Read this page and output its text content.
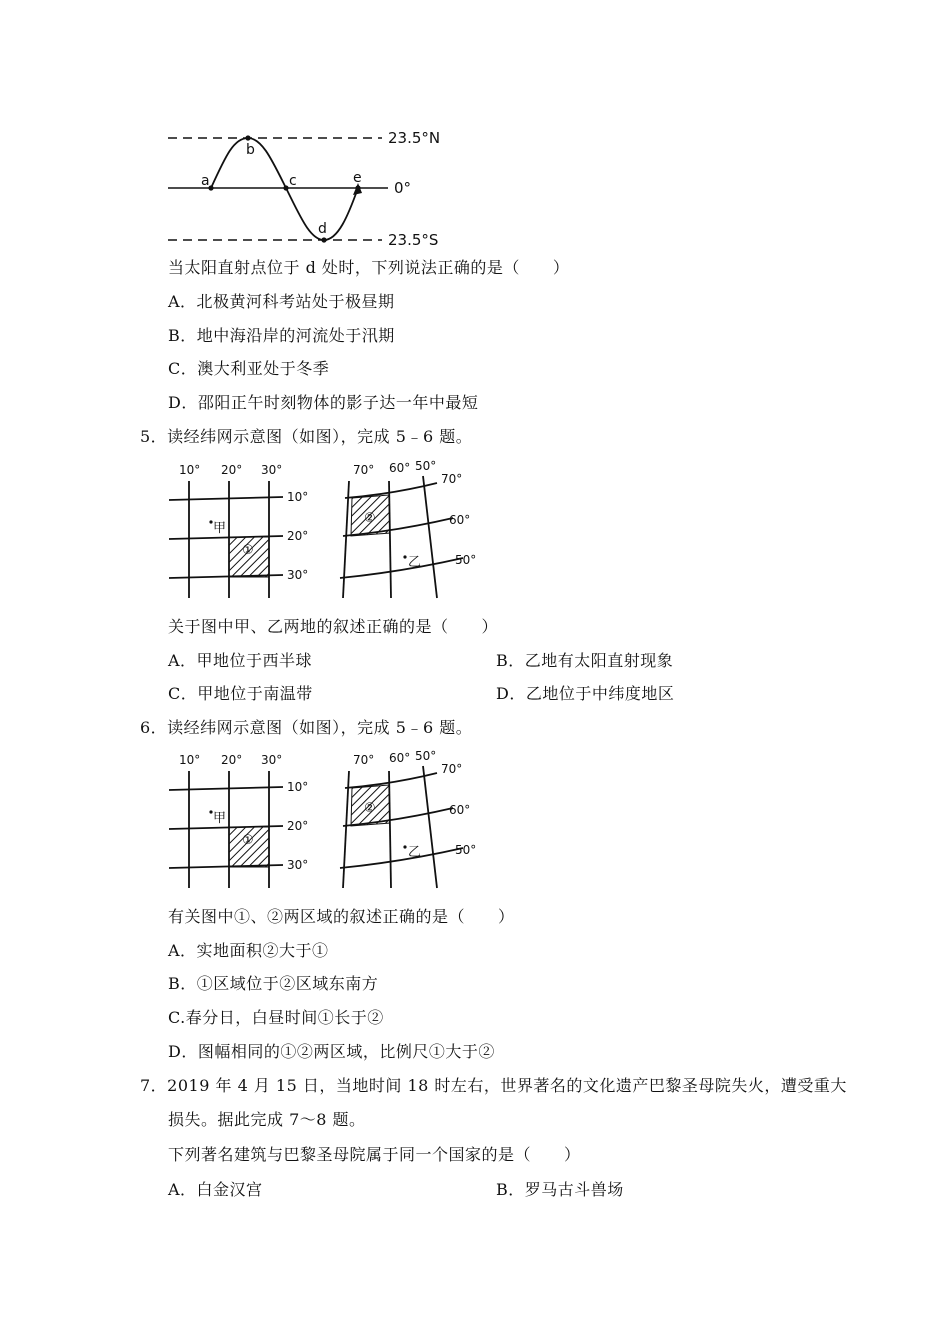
a
b
c
d
e
23.5°N
0°
23.5°S
当太阳直射点位于 d 处时，下列说法正确的是（　　）
A．北极黄河科考站处于极昼期
B．地中海沿岸的河流处于汛期
C．澳大利亚处于冬季
D．邵阳正午时刻物体的影子达一年中最短
5．读经纬网示意图（如图），完成 5﹣6 题。
10° 20° 30°
①
甲
10°
20°
30°
70° 60° 50°
②
乙
70°
60°
50°
关于图中甲、乙两地的叙述正确的是（　　）
A．甲地位于西半球	B．乙地有太阳直射现象
C．甲地位于南温带	D．乙地位于中纬度地区
6．读经纬网示意图（如图），完成 5﹣6 题。
10° 20° 30°
①
甲
10°
20°
30°
70° 60° 50°
②
乙
70°
60°
50°
有关图中①、②两区域的叙述正确的是（　　）
A．实地面积②大于①
B．①区域位于②区域东南方
C.春分日，白昼时间①长于②
D．图幅相同的①②两区域，比例尺①大于②
7．2019 年 4 月 15 日，当地时间 18 时左右，世界著名的文化遗产巴黎圣母院失火，遭受重大
损失。据此完成 7～8 题。
下列著名建筑与巴黎圣母院属于同一个国家的是（　　）
A．白金汉宫	B．罗马古斗兽场
